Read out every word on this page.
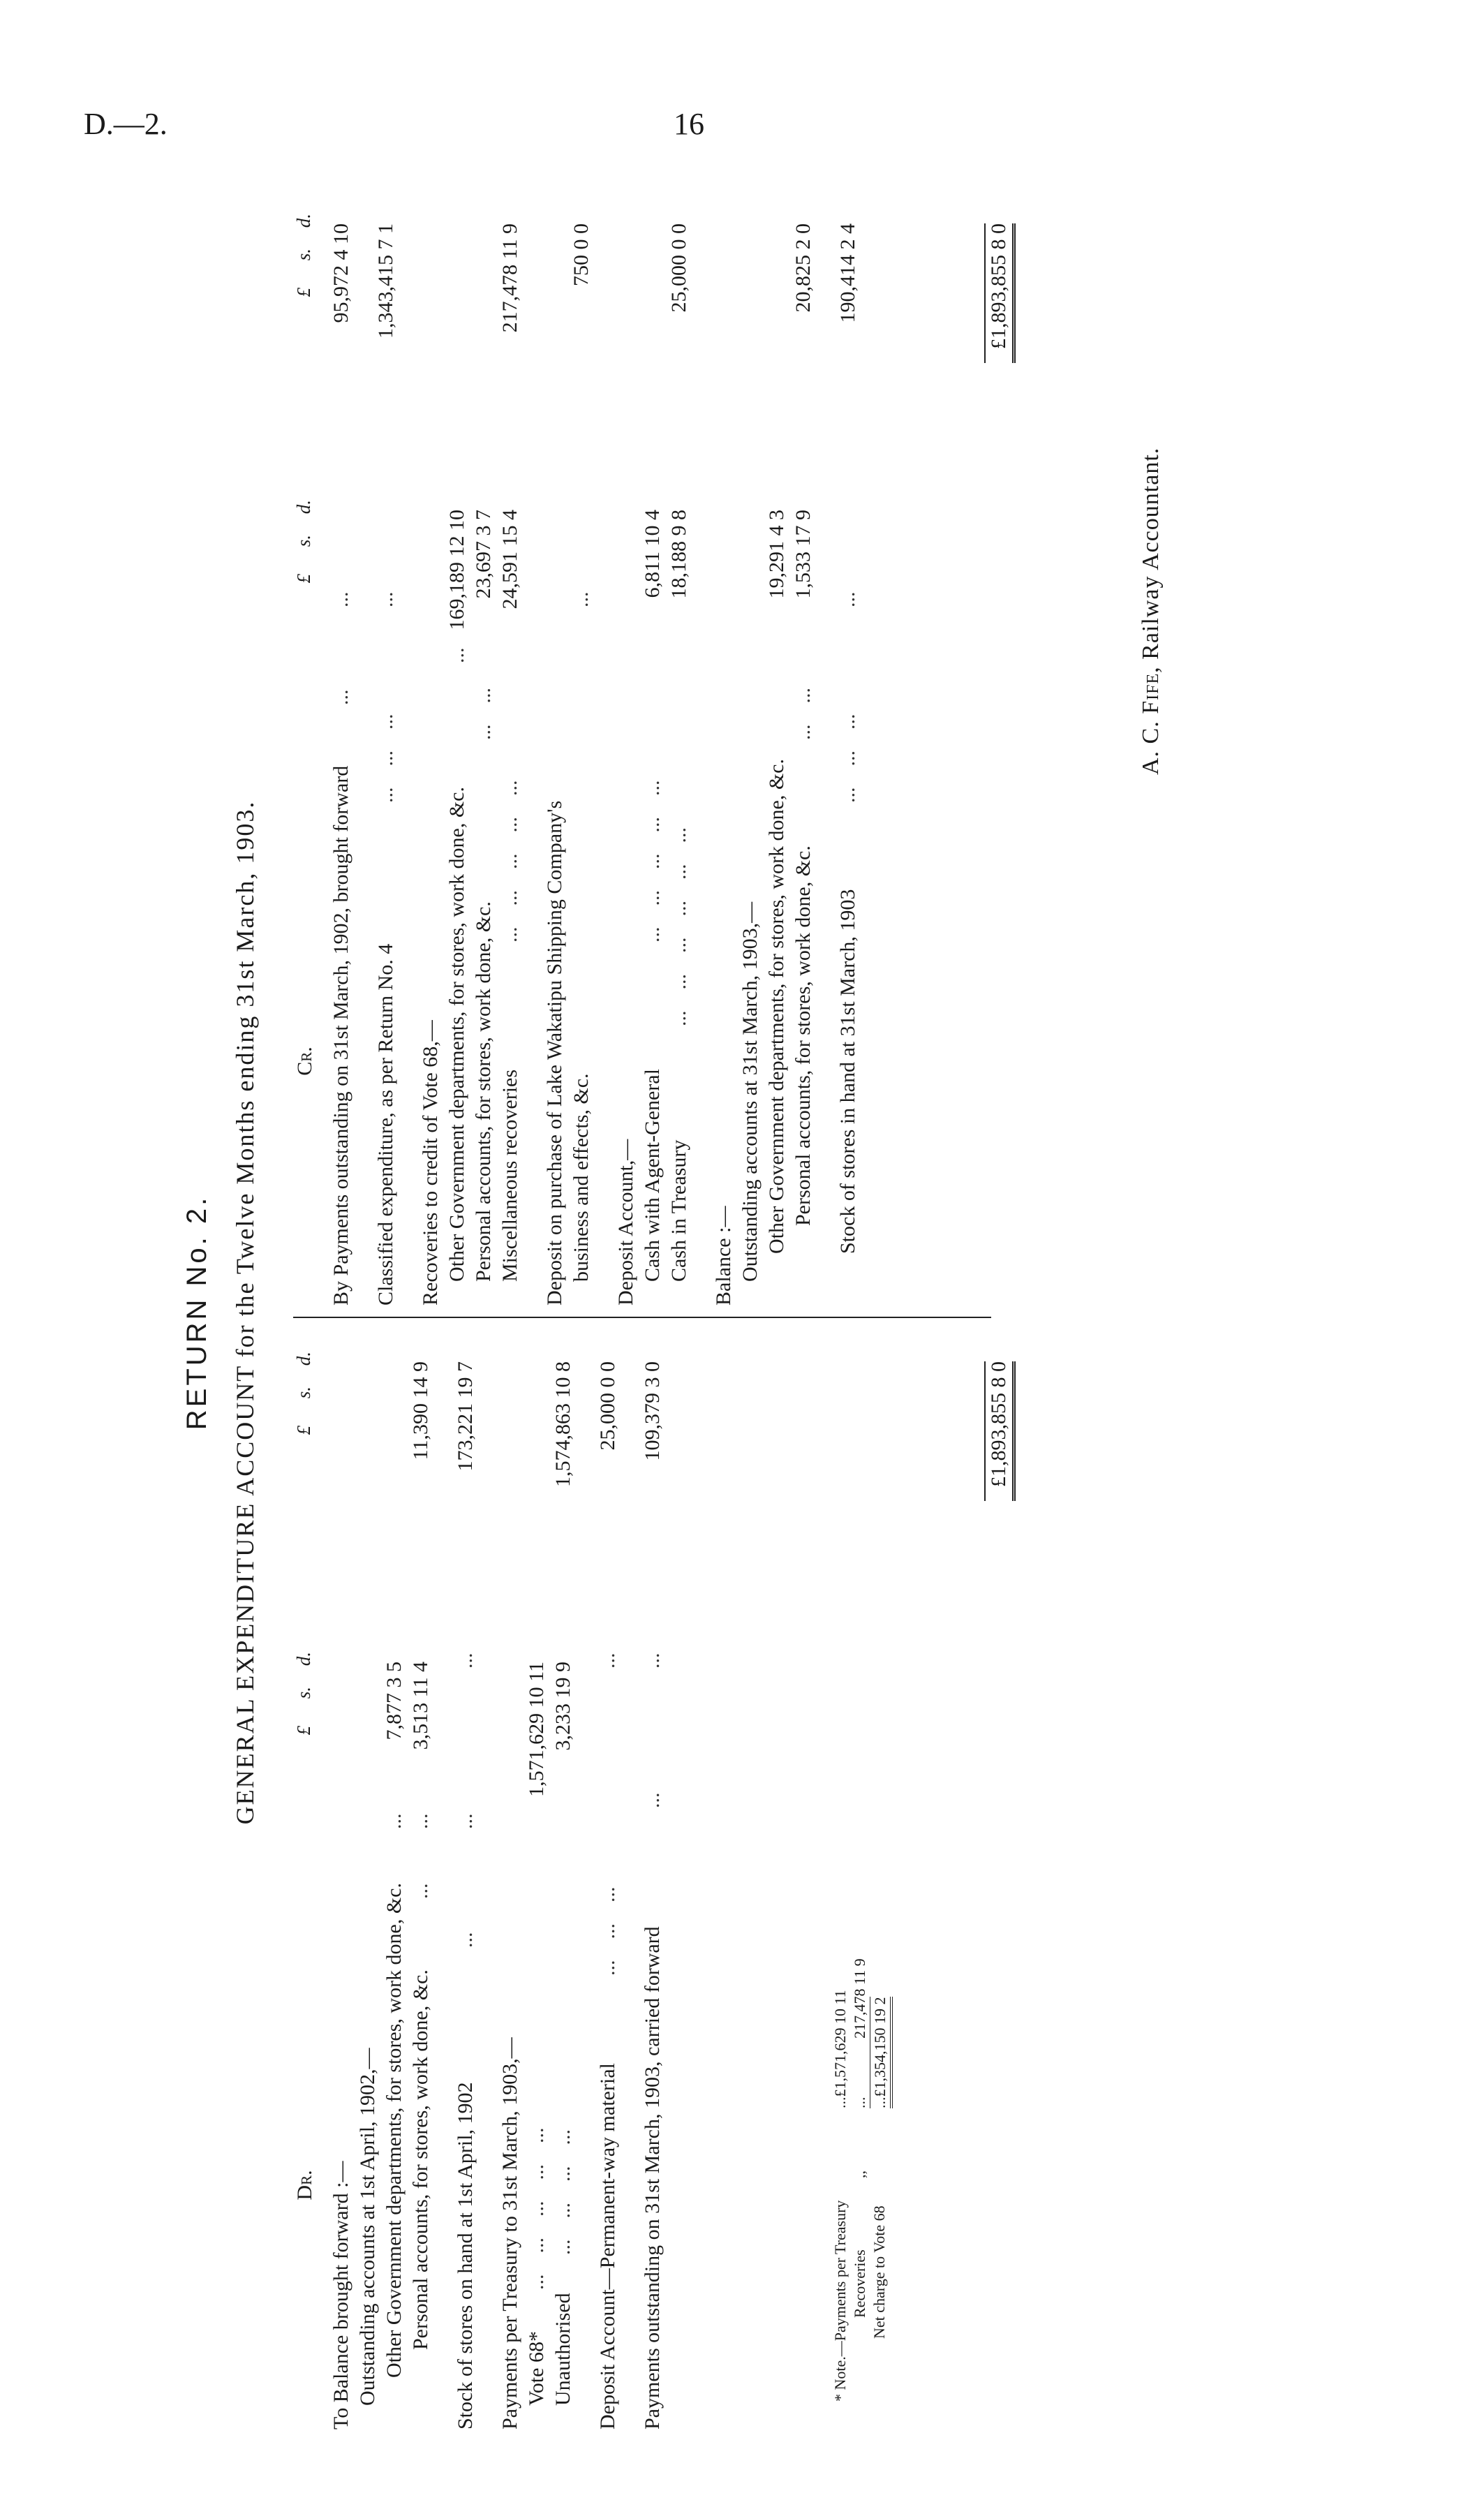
D.—2.	16
RETURN No. 2. GENERAL EXPENDITURE ACCOUNT for the Twelve Months ending 31st March, 1903.
Dr.
£
s.
d.
£
s.
d.
To Balance brought forward :— Outstanding accounts at 1st April, 1902,— Other Government departments, for stores, work done, &c.
...
7,877 3 5
Personal accounts, for stores, work done, &c.
...
...
3,513 11 4
11,390 14 9
Stock of stores on hand at 1st April, 1902
...
...
...
173,221 19 7
Payments per Treasury to 31st March, 1903,— Vote 68*
...    ...    ...    ...    ...
1,571,629 10 11
Unauthorised
...    ...    ...    ...
3,233 19 9
1,574,863 10 8
Deposit Account—Permanent-way material
...    ...    ...
...
25,000 0 0
Payments outstanding on 31st March, 1903, carried forward
...
...
109,379 3 0
* Note.—Payments per Treasury
...£1,571,629 10 11
Recoveries
,,
...
217,478 11 9
Net charge to Vote 68
...£1,354,150 19 2
£1,893,855 8 0
Cr.
£
s.
d.
£
s.
d.
By Payments outstanding on 31st March, 1902, brought forward
...
...
95,972 4 10
Classified expenditure, as per Return No. 4
...    ...    ...
...
1,343,415 7 1
Recoveries to credit of Vote 68,— Other Government departments, for stores, work done, &c.
...
169,189 12 10
Personal accounts, for stores, work done, &c.
...    ...
23,697 3 7
Miscellaneous recoveries
...    ...    ...    ...    ...
24,591 15 4
217,478 11 9
Deposit on purchase of Lake Wakatipu Shipping Company's business and effects, &c.
...
750 0 0
Deposit Account,— Cash with Agent-General
...    ...    ...    ...    ...
6,811 10 4
Cash in Treasury
...    ...    ...    ...    ...    ...
18,188 9 8
25,000 0 0
Balance :— Outstanding accounts at 31st March, 1903,— Other Government departments, for stores, work done, &c.
19,291 4 3
Personal accounts, for stores, work done, &c.
...    ...
1,533 17 9
20,825 2 0
Stock of stores in hand at 31st March, 1903
...    ...    ...
...
190,414 2 4	£1,893,855 8 0
A. C. Fife, Railway Accountant.
